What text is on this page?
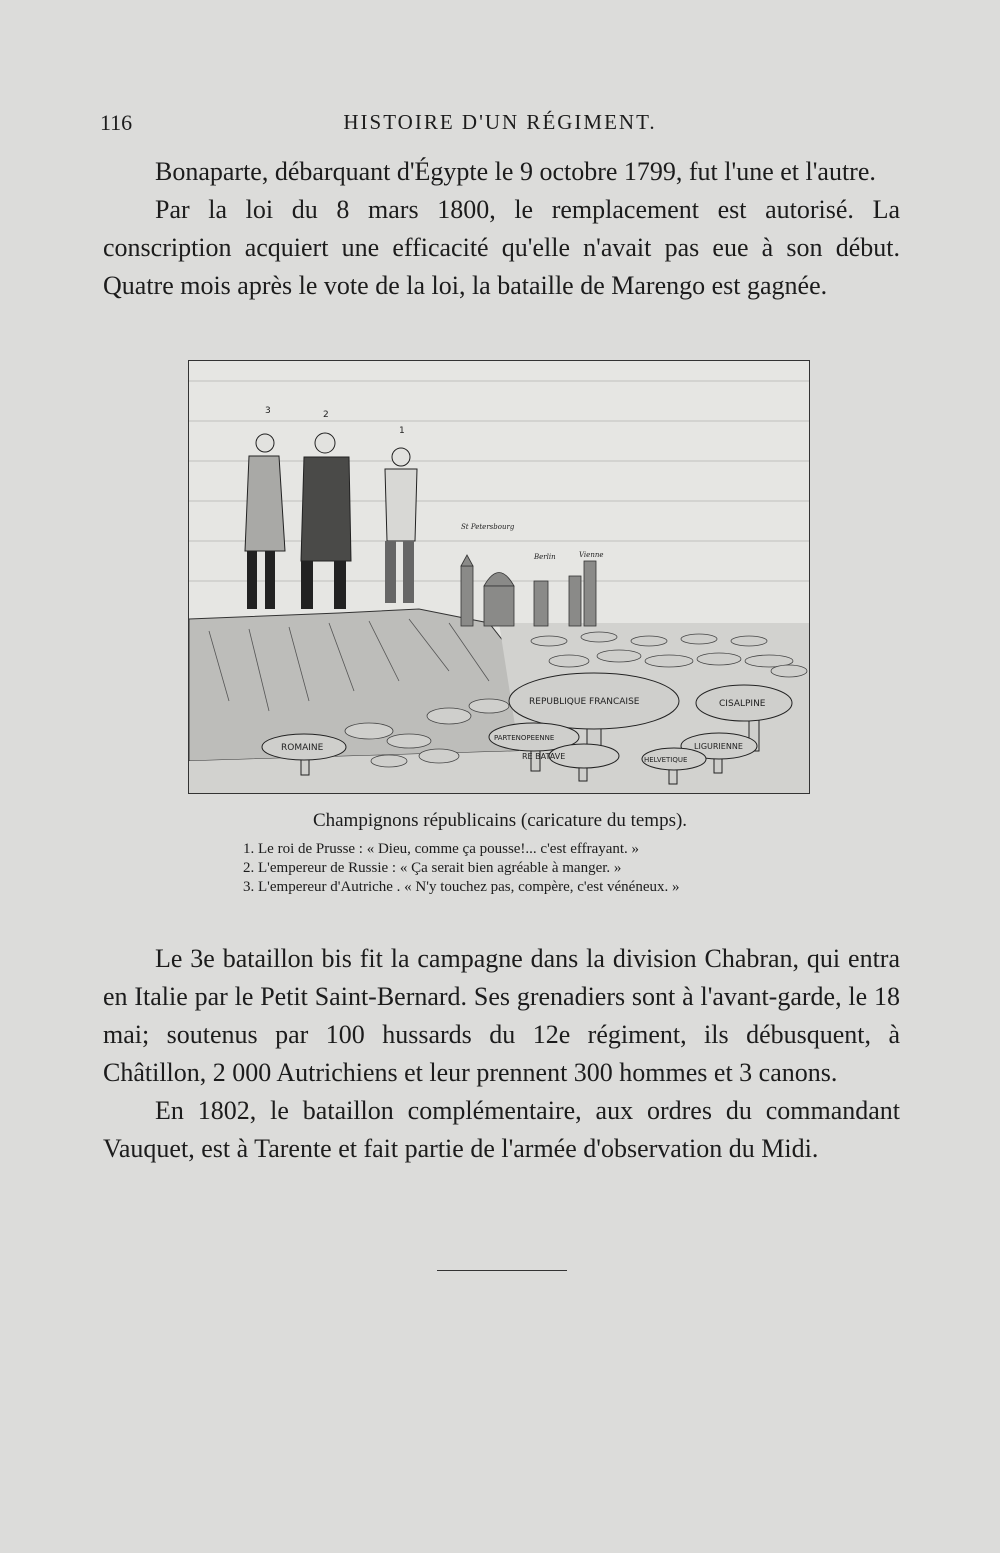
116	HISTOIRE D'UN RÉGIMENT.

Bonaparte, débarquant d'Égypte le 9 octobre 1799, fut l'une et l'autre.

Par la loi du 8 mars 1800, le remplacement est autorisé. La conscription acquiert une efficacité qu'elle n'avait pas eue à son début. Quatre mois après le vote de la loi, la bataille de Marengo est gagnée.

St Petersbourg
Berlin	Vienne
3	2
1
REPUBLIQUE FRANCAISE	CISALPINE
ROMAINE
PARTENOPEENNE
RE BATAVE	HELVETIQUE
LIGURIENNE
Champignons républicains (caricature du temps).
1. Le roi de Prusse : « Dieu, comme ça pousse!... c'est effrayant. »
2. L'empereur de Russie : « Ça serait bien agréable à manger. »
3. L'empereur d'Autriche . « N'y touchez pas, compère, c'est vénéneux. »

Le 3e bataillon bis fit la campagne dans la division Chabran, qui entra en Italie par le Petit Saint-Bernard. Ses grenadiers sont à l'avant-garde, le 18 mai; soutenus par 100 hussards du 12e régiment, ils débusquent, à Châtillon, 2 000 Autrichiens et leur prennent 300 hommes et 3 canons.

En 1802, le bataillon complémentaire, aux ordres du commandant Vauquet, est à Tarente et fait partie de l'armée d'observation du Midi.
